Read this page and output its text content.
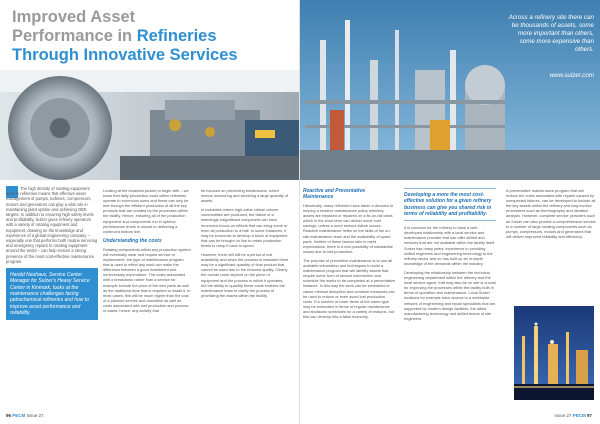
Improved Asset
Performance in Refineries
Through Innovative Services

The high density of rotating equipment used in refineries means that effective asset management of pumps, turbines, compressors, motors and generators can play a vital role in maintaining plant uptime and achieving OEE targets. In addition to ensuring high safety levels and profitability, Sulzer gives refinery operators with a variety of rotating equipment and equipment, drawing on the knowledge and experience of a global engineering company – especially one that performs both routine servicing and emergency repairs to rotating equipment around the world – can help ensure a strong presence of the most cost-effective maintenance program.

Harald Neuhaus, Service Center Manager for Sulzer's Heavy Service Center in Kinmark, looks at the maintenance challenges facing petrochemical refineries and how to improve asset performance and reliability.

Looking at the broadest picture to begin with – we know that daily production costs within refineries operate to enormous sums and these can only be met through the efficient production of all the key products that are created by the processes within the facility. Hence, ensuring all of the production equipment and components run in optimal performance levels is crucial to delivering a continued bottom line.

Understanding the costs

Rotating components within any production system will eventually wear and require service or replacement; the type of maintenance program that is used to effect any work can make the difference between a good investment and unnecessary expenditure. The costs associated with a breakdown rather than a service for example include the price of the new parts as well as the additional time that is required to install it. In most cases, this will be much higher than the cost of a planned service and downtime as well as costs associated with lost production and process re-starts; hence, any activity that

be focused on preventing breakdowns, which means monitoring and servicing a large quantity of assets.

In industries where high-value critical volume commodities are produced, the failure of a seemingly insignificant component can have enormous knock-on effects that can bring some or even all production to a halt. In some instances, it may be economic to develop a stock of equipment that can be brought on line to retain production levels to ramp it back to speed.

However, there will still be a period of lost availability and when the process is restarted there may be a significant quantity of final product that cannot be used due to the reduced quality. Clearly the overall costs depend on the piece of equipment and the process in which it operates, but the ability to quantify these costs enables the maintenance team to clarify the process of prioritizing the assets within the facility.

96 PECM Issue 27
Across a refinery site there can be thousands of assets, some more important than others, some more expensive than others.
www.sulzer.com
Reactive and Preventative Maintenance

Historically, many refineries have taken a decision to employ a reactive maintenance policy whereby assets are replaced or repaired on a fix-on-fail basis which in the short term can deliver some cost savings, unless a more serious failure occurs. Reactive maintenance relies on the skills of the on-site maintenance team and the availability of spare parts. Neither of these factors fails to meet expectations, there is a real possibility of substantial losses due to lost production.

The purpose of preventive maintenance is to use all available information and techniques to build a maintenance program that will identify assets that require some form of service intervention and schedule the works to be completed at a preventative instance. In this way the work can be scheduled to cause minimal disruption and combine measures can be used to reduce or even avoid lost production costs. If a number of lower items of the same type may be embodied in terms of regular maintenance and shutdown schedules for a variety of reasons, but this can develop into a false economy.

Developing a more the most cost-effective solution for a given refinery business can give you shared risk in terms of reliability and profitability.

It is common for the refinery to have a well-developed relationship with a local service and maintenance provider that can offer skilled and services that are not available within the facility itself. Sulzer has many years' experience in providing skilled engineers and engineering technology to the refinery sector and so has built up an in-depth knowledge of the demands within the industry.

Developing the relationship between the technical engineering department within the refinery and the local service agent, that may also be on site is crucial for improving the processes within the facility both in terms of operation and maintenance. Local Sulzer locations for example have access to a worldwide network of engineering and repair specialists that are supported by modern design facilities, the latest manufacturing technology and skilled teams of site engineers.

A preventative maintenance program that will reduce the costs associated with repairs caused by unexpected failures, can be developed to include all the key assets within the refinery and may involve procedures such as thermography and vibration analysis. However, complete service providers such as Sulzer can also provide a comprehensive service to a number of large rotating components such as pumps, compressors, motors and generators that will deliver improved reliability and efficiency.

Issue 27 PECM 97
